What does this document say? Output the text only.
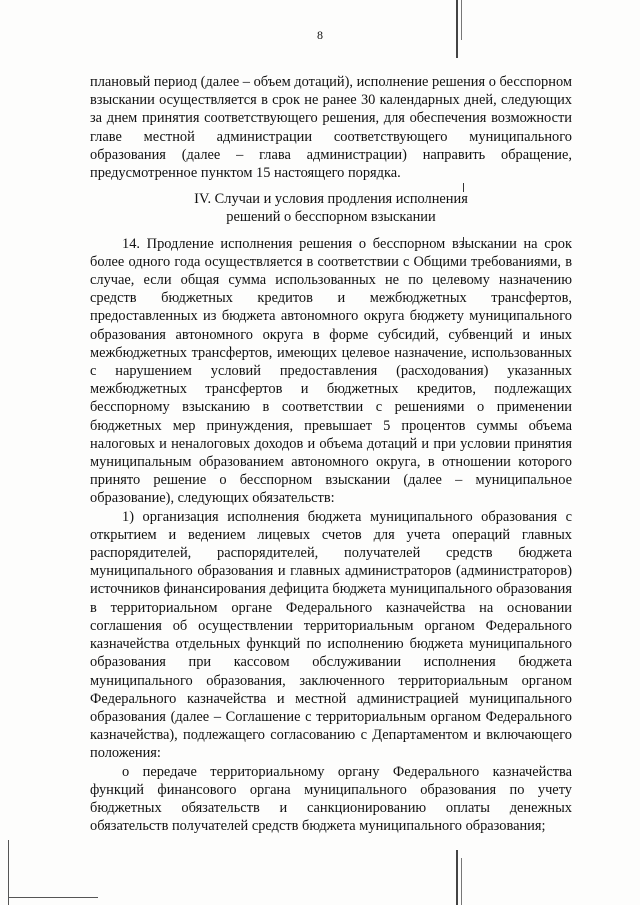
8

плановый период (далее – объем дотаций), исполнение решения о бесспорном взыскании осуществляется в срок не ранее 30 календарных дней, следующих за днем принятия соответствующего решения, для обеспечения возможности главе местной администрации соответствующего муниципального образования (далее – глава администрации) направить обращение, предусмотренное пунктом 15 настоящего порядка.

IV. Случаи и условия продления исполнения
решений о бесспорном взыскании

14. Продление исполнения решения о бесспорном взыскании на срок более одного года осуществляется в соответствии с Общими требованиями, в случае, если общая сумма использованных не по целевому назначению средств бюджетных кредитов и межбюджетных трансфертов, предоставленных из бюджета автономного округа бюджету муниципального образования автономного округа в форме субсидий, субвенций и иных межбюджетных трансфертов, имеющих целевое назначение, использованных с нарушением условий предоставления (расходования) указанных межбюджетных трансфертов и бюджетных кредитов, подлежащих бесспорному взысканию в соответствии с решениями о применении бюджетных мер принуждения, превышает 5 процентов суммы объема налоговых и неналоговых доходов и объема дотаций и при условии принятия муниципальным образованием автономного округа, в отношении которого принято решение о бесспорном взыскании (далее – муниципальное образование), следующих обязательств:

1) организация исполнения бюджета муниципального образования с открытием и ведением лицевых счетов для учета операций главных распорядителей, распорядителей, получателей средств бюджета муниципального образования и главных администраторов (администраторов) источников финансирования дефицита бюджета муниципального образования в территориальном органе Федерального казначейства на основании соглашения об осуществлении территориальным органом Федерального казначейства отдельных функций по исполнению бюджета муниципального образования при кассовом обслуживании исполнения бюджета муниципального образования, заключенного территориальным органом Федерального казначейства и местной администрацией муниципального образования (далее – Соглашение с территориальным органом Федерального казначейства), подлежащего согласованию с Департаментом и включающего положения:

о передаче территориальному органу Федерального казначейства функций финансового органа муниципального образования по учету бюджетных обязательств и санкционированию оплаты денежных обязательств получателей средств бюджета муниципального образования;
